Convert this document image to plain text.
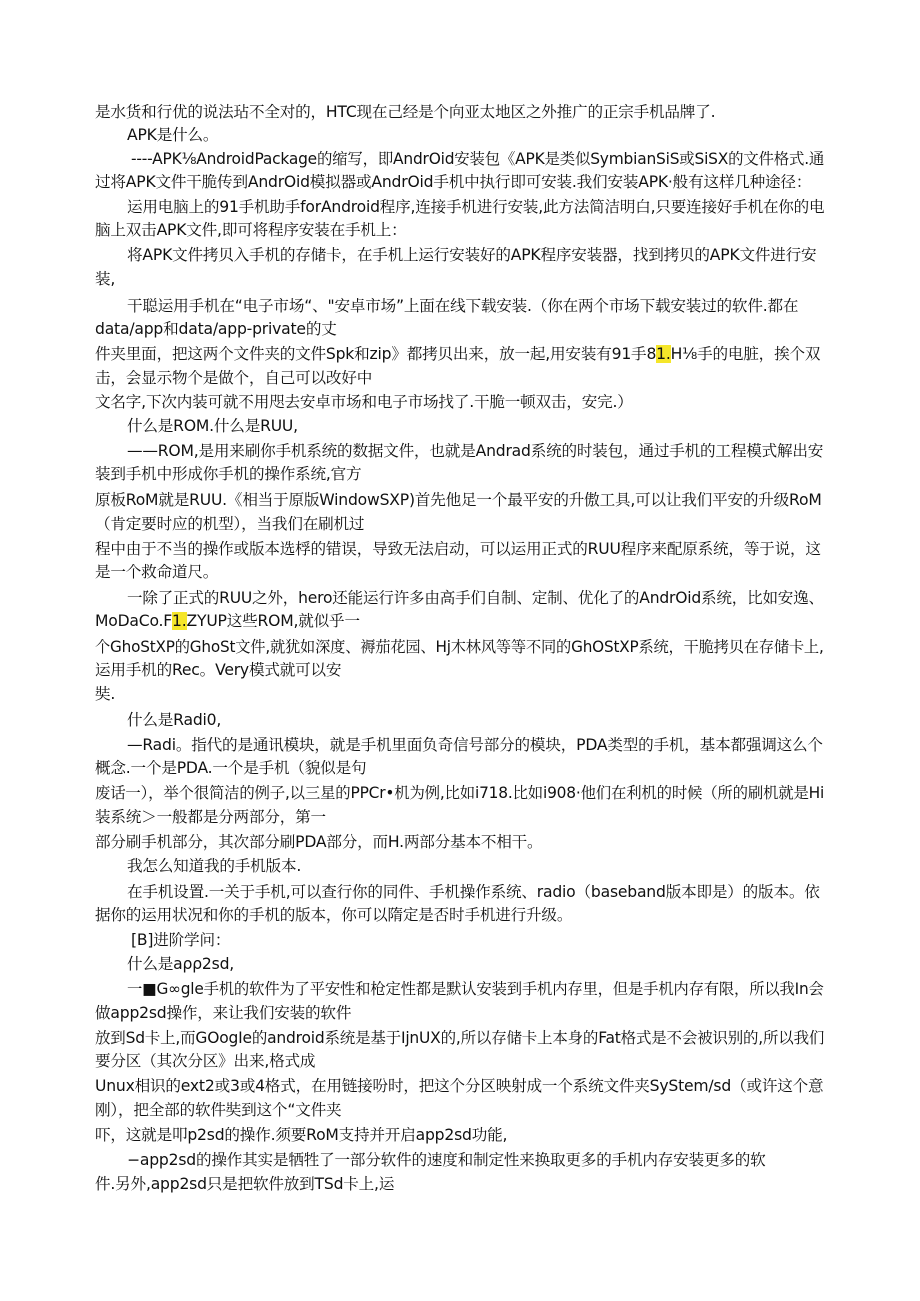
是水货和行优的说法玷不全对的，HTC现在己经是个向亚太地区之外推广的正宗手机品牌了.
APK是什么。
----APK⅛AndroidPackage的缩写，即AndrOid安装包《APK是类似SymbianSiS或SiSX的文件格式.通
过将APK文件干脆传到AndrOid模拟器或AndrOid手机中执行即可安装.我们安装APK·般有这样几种途径：
运用电脑上的91手机助手forAndroid程序,连接手机进行安装,此方法简洁明白,只要连接好手机在你的电
脑上双击APK文件,即可将程序安装在手机上：
将APK文件拷贝入手机的存储卡，在手机上运行安装好的APK程序安装器，找到拷贝的APK文件进行安
装,
干聪运用手机在“电子市场“、"安卓市场”上面在线下载安装.（你在两个市场下载安装过的软件.都在
data/app和data/app-private的丈
件夹里面，把这两个文件夹的文件Spk和zip》都拷贝出来，放一起,用安装有91手81.H⅛手的电脏，挨个双
击，会显示物个是做个，自己可以改好中
文名字,下次内装可就不用咫去安卓市场和电子市场找了.干脆一顿双击，安完.）
什么是ROM.什么是RUU,
——ROM,是用来刷你手机系统的数据文件，也就是Andrad系统的时装包，通过手机的工程模式解出安
装到手机中形成你手机的操作系统,官方
原板RoM就是RUU.《相当于原版WindowSXP)首先他足一个最平安的升傲工具,可以让我们平安的升级RoM
（肯定要时应的机型），当我们在刷机过
程中由于不当的操作或版本选桴的错误，导致无法启动，可以运用正式的RUU程序来配原系统，等于说，这
是一个救命道尺。
一除了正式的RUU之外，hero还能运行许多由高手们自制、定制、优化了的AndrOid系统，比如安逸、
MoDaCo.F1.ZYUP这些ROM,就似乎一
个GhoStXP的GhoSt文件,就犹如深度、褥茄花园、Hj木林风等等不同的GhOStXP系统，干脆拷贝在存储卡上,
运用手机的Rec。Very模式就可以安
奘.
什么是Radi0,
—Radi。指代的是通讯模块，就是手机里面负奇信号部分的模块，PDA类型的手机，基本都强调这么个
概念.一个是PDA.一个是手机（貌似是句
废话一），举个很简洁的例子,以三星的PPCr•机为例,比如i718.比如i908·他们在利机的时候（所的刷机就是Hi
装系统＞一般都是分两部分，第一
部分刷手机部分，其次部分刷PDA部分，而H.两部分基本不相干。
我怎么知道我的手机版本.
在手机设置.一关于手机,可以查行你的同件、手机操作系统、radio（baseband版本即是）的版本。依
据你的运用状况和你的手机的版本，你可以隋定是否时手机进行升级。
[B]进阶学问：
什么是aρρ2sd,
一■G∞gle手机的软件为了平安性和枪定性都是默认安装到手机内存里，但是手机内存有限，所以我In会
做app2sd操作，来让我们安装的软件
放到Sd卡上,而GOogIe的android系统是基于IjnUX的,所以存储卡上本身的Fat格式是不会被识别的,所以我们
要分区（其次分区》出来,格式成
Unux相识的ext2或3或4格式，在用链接吩时，把这个分区映射成一个系统文件夹SyStem∕sd（或许这个意
刚），把全部的软件奘到这个“文件夹
吓，这就是叩p2sd的操作.须要RoM支持并开启app2sd功能,
−app2sd的操作其实是牺牲了一部分软件的速度和制定性来换取更多的手机内存安装更多的软
件.另外,app2sd只是把软件放到TSd卡上,运
